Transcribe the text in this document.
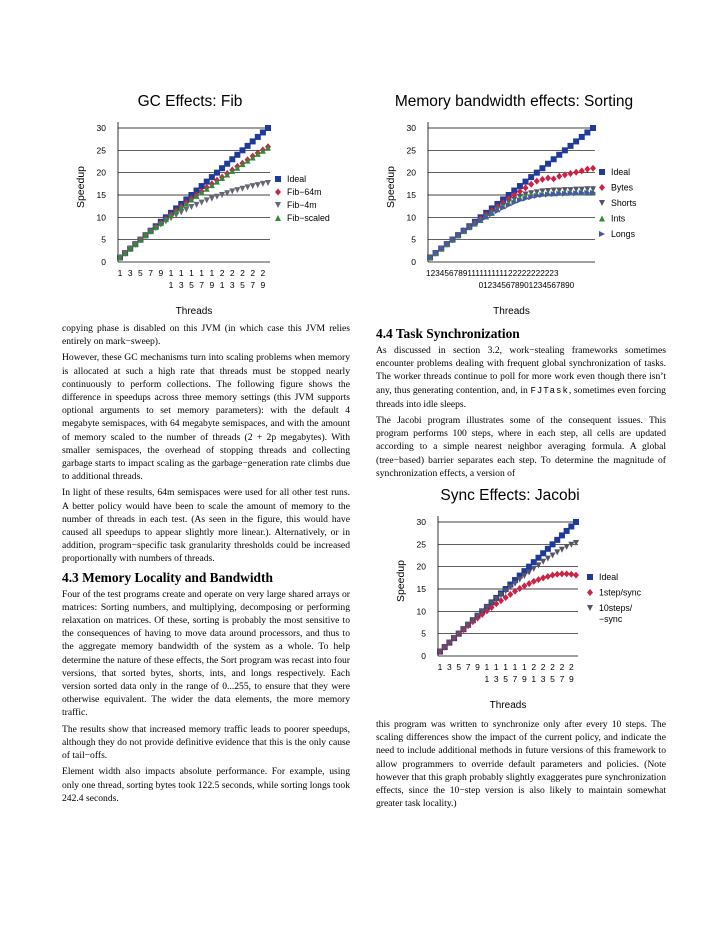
GC Effects: Fib
0
5
10
15
20
25
30
1 3 5 7 9 1 1 1 1 1 2 2 2 2 2
1 3 5 7 9 1 3 5 7 9
Threads
Speedup	Ideal
Fib−64m
Fib−4m
Fib−scaled
Memory bandwidth effects: Sorting
0
5
10
15
20
25
30
123456789111111111122222222223
012345678901234567890
Threads
Speedup	Ideal
Bytes
Shorts
Ints
Longs

copying phase is disabled on this JVM (in which case this JVM relies entirely on mark−sweep).

However, these GC mechanisms turn into scaling problems when memory is allocated at such a high rate that threads must be stopped nearly continuously to perform collections. The following figure shows the difference in speedups across three memory settings (this JVM supports optional arguments to set memory parameters): with the default 4 megabyte semispaces, with 64 megabyte semispaces, and with the amount of memory scaled to the number of threads (2 + 2p megabytes). With smaller semispaces, the overhead of stopping threads and collecting garbage starts to impact scaling as the garbage−generation rate climbs due to additional threads.

In light of these results, 64m semispaces were used for all other test runs. A better policy would have been to scale the amount of memory to the number of threads in each test. (As seen in the figure, this would have caused all speedups to appear slightly more linear.). Alternatively, or in addition, program−specific task granularity thresholds could be increased proportionally with numbers of threads.

4.3 Memory Locality and Bandwidth

Four of the test programs create and operate on very large shared arrays or matrices: Sorting numbers, and multiplying, decomposing or performing relaxation on matrices. Of these, sorting is probably the most sensitive to the consequences of having to move data around processors, and thus to the aggregate memory bandwidth of the system as a whole. To help determine the nature of these effects, the Sort program was recast into four versions, that sorted bytes, shorts, ints, and longs respectively. Each version sorted data only in the range of 0...255, to ensure that they were otherwise equivalent. The wider the data elements, the more memory traffic.

The results show that increased memory traffic leads to poorer speedups, although they do not provide definitive evidence that this is the only cause of tail−offs.

Element width also impacts absolute performance. For example, using only one thread, sorting bytes took 122.5 seconds, while sorting longs took 242.4 seconds.

4.4 Task Synchronization

As discussed in section 3.2, work−stealing frameworks sometimes encounter problems dealing with frequent global synchronization of tasks. The worker threads continue to poll for more work even though there isn’t any, thus generating contention, and, in FJTask, sometimes even forcing threads into idle sleeps.

The Jacobi program illustrates some of the consequent issues. This program performs 100 steps, where in each step, all cells are updated according to a simple nearest neighbor averaging formula. A global (tree−based) barrier separates each step. To determine the magnitude of synchronization effects, a version of

Sync Effects: Jacobi
0
5
10
15
20
25
30
1 3 5 7 9 1 1 1 1 1 2 2 2 2 2
1 3 5 7 9 1 3 5 7 9
Threads
Speedup	Ideal
1step/sync
10steps/
−sync

this program was written to synchronize only after every 10 steps. The scaling differences show the impact of the current policy, and indicate the need to include additional methods in future versions of this framework to allow programmers to override default parameters and policies. (Note however that this graph probably slightly exaggerates pure synchronization effects, since the 10−step version is also likely to maintain somewhat greater task locality.)
